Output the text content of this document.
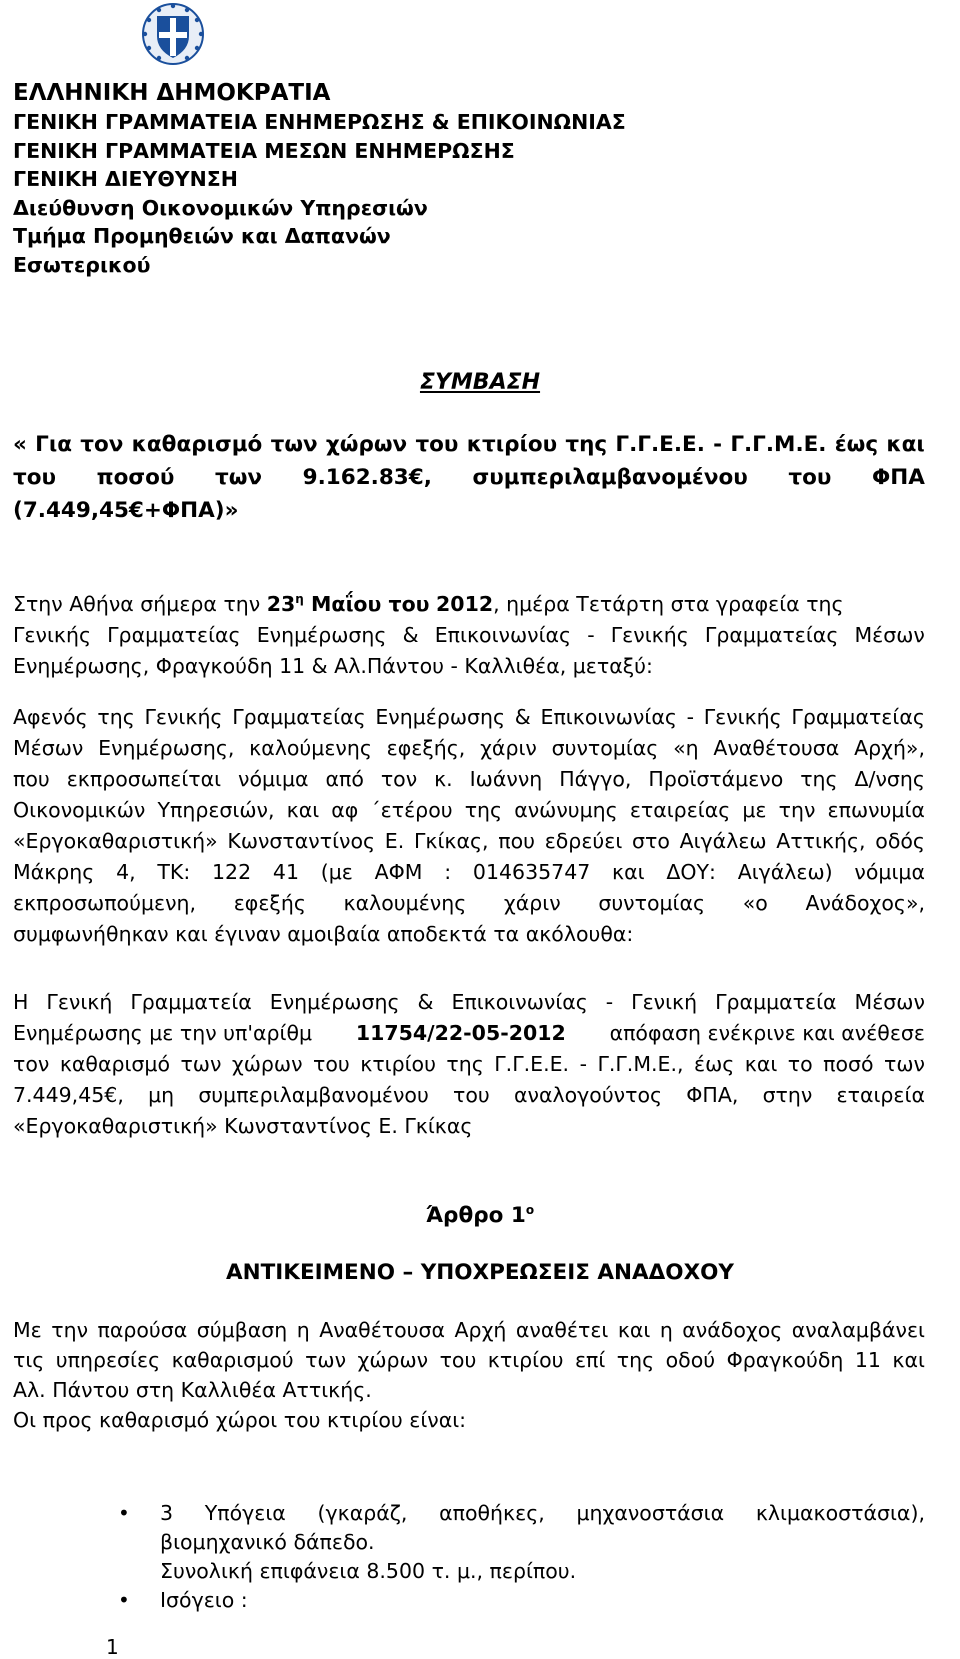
ΕΛΛΗΝΙΚΗ ΔΗΜΟΚΡΑΤΙΑ
ΓΕΝΙΚΗ ΓΡΑΜΜΑΤΕΙΑ ΕΝΗΜΕΡΩΣΗΣ & ΕΠΙΚΟΙΝΩΝΙΑΣ
ΓΕΝΙΚΗ ΓΡΑΜΜΑΤΕΙΑ ΜΕΣΩΝ ΕΝΗΜΕΡΩΣΗΣ
ΓΕΝΙΚΗ ΔΙΕΥΘΥΝΣΗ
Διεύθυνση Οικονομικών Υπηρεσιών
Τμήμα Προμηθειών και Δαπανών
Εσωτερικού
ΣΥΜΒΑΣΗ
« Για τον καθαρισμό των χώρων του κτιρίου της Γ.Γ.Ε.Ε. - Γ.Γ.Μ.Ε. έως και
του ποσού των 9.162.83€, συμπεριλαμβανομένου του ΦΠΑ
(7.449,45€+ΦΠΑ)»
Στην Αθήνα σήμερα την $23^\eta$ Μαΐου του 2012, ημέρα Τετάρτη στα γραφεία της
Γενικής Γραμματείας Ενημέρωσης & Επικοινωνίας - Γενικής Γραμματείας Μέσων
Ενημέρωσης, Φραγκούδη 11 & Αλ.Πάντου - Καλλιθέα, μεταξύ:
Αφενός της Γενικής Γραμματείας Ενημέρωσης & Επικοινωνίας - Γενικής Γραμματείας
Μέσων Ενημέρωσης, καλούμενης εφεξής, χάριν συντομίας «η Αναθέτουσα Αρχή»,
που εκπροσωπείται νόμιμα από τον κ. Ιωάννη Πάγγο, Προϊστάμενο της Δ/νσης
Οικονομικών Υπηρεσιών, και αφ ΄ετέρου της ανώνυμης εταιρείας με την επωνυμία
«Εργοκαθαριστική» Κωνσταντίνος Ε. Γκίκας, που εδρεύει στο Αιγάλεω Αττικής, οδός
Μάκρης 4, ΤΚ: 122 41 (με ΑΦΜ : 014635747 και ΔΟΥ: Αιγάλεω) νόμιμα
εκπροσωπούμενη, εφεξής καλουμένης χάριν συντομίας «ο Ανάδοχος»,
συμφωνήθηκαν και έγιναν αμοιβαία αποδεκτά τα ακόλουθα:
Η Γενική Γραμματεία Ενημέρωσης & Επικοινωνίας - Γενική Γραμματεία Μέσων
Ενημέρωσης με την υπ'αρίθμ 11754/22-05-2012 απόφαση ενέκρινε και ανέθεσε
τον καθαρισμό των χώρων του κτιρίου της Γ.Γ.Ε.Ε. - Γ.Γ.Μ.Ε., έως και το ποσό των
7.449,45€, μη συμπεριλαμβανομένου του αναλογούντος ΦΠΑ, στην εταιρεία
«Εργοκαθαριστική» Κωνσταντίνος Ε. Γκίκας
Άρθρο $1^o$
ΑΝΤΙΚΕΙΜΕΝΟ – ΥΠΟΧΡΕΩΣΕΙΣ ΑΝΑΔΟΧΟΥ
Με την παρούσα σύμβαση η Αναθέτουσα Αρχή αναθέτει και η ανάδοχος αναλαμβάνει
τις υπηρεσίες καθαρισμού των χώρων του κτιρίου επί της οδού Φραγκούδη 11 και
Αλ. Πάντου στη Καλλιθέα Αττικής.
Οι προς καθαρισμό χώροι του κτιρίου είναι:
• 3 Υπόγεια (γκαράζ, αποθήκες, μηχανοστάσια κλιμακοστάσια),
βιομηχανικό δάπεδο.
Συνολική επιφάνεια 8.500 τ. μ., περίπου.
• Ισόγειο :
1
